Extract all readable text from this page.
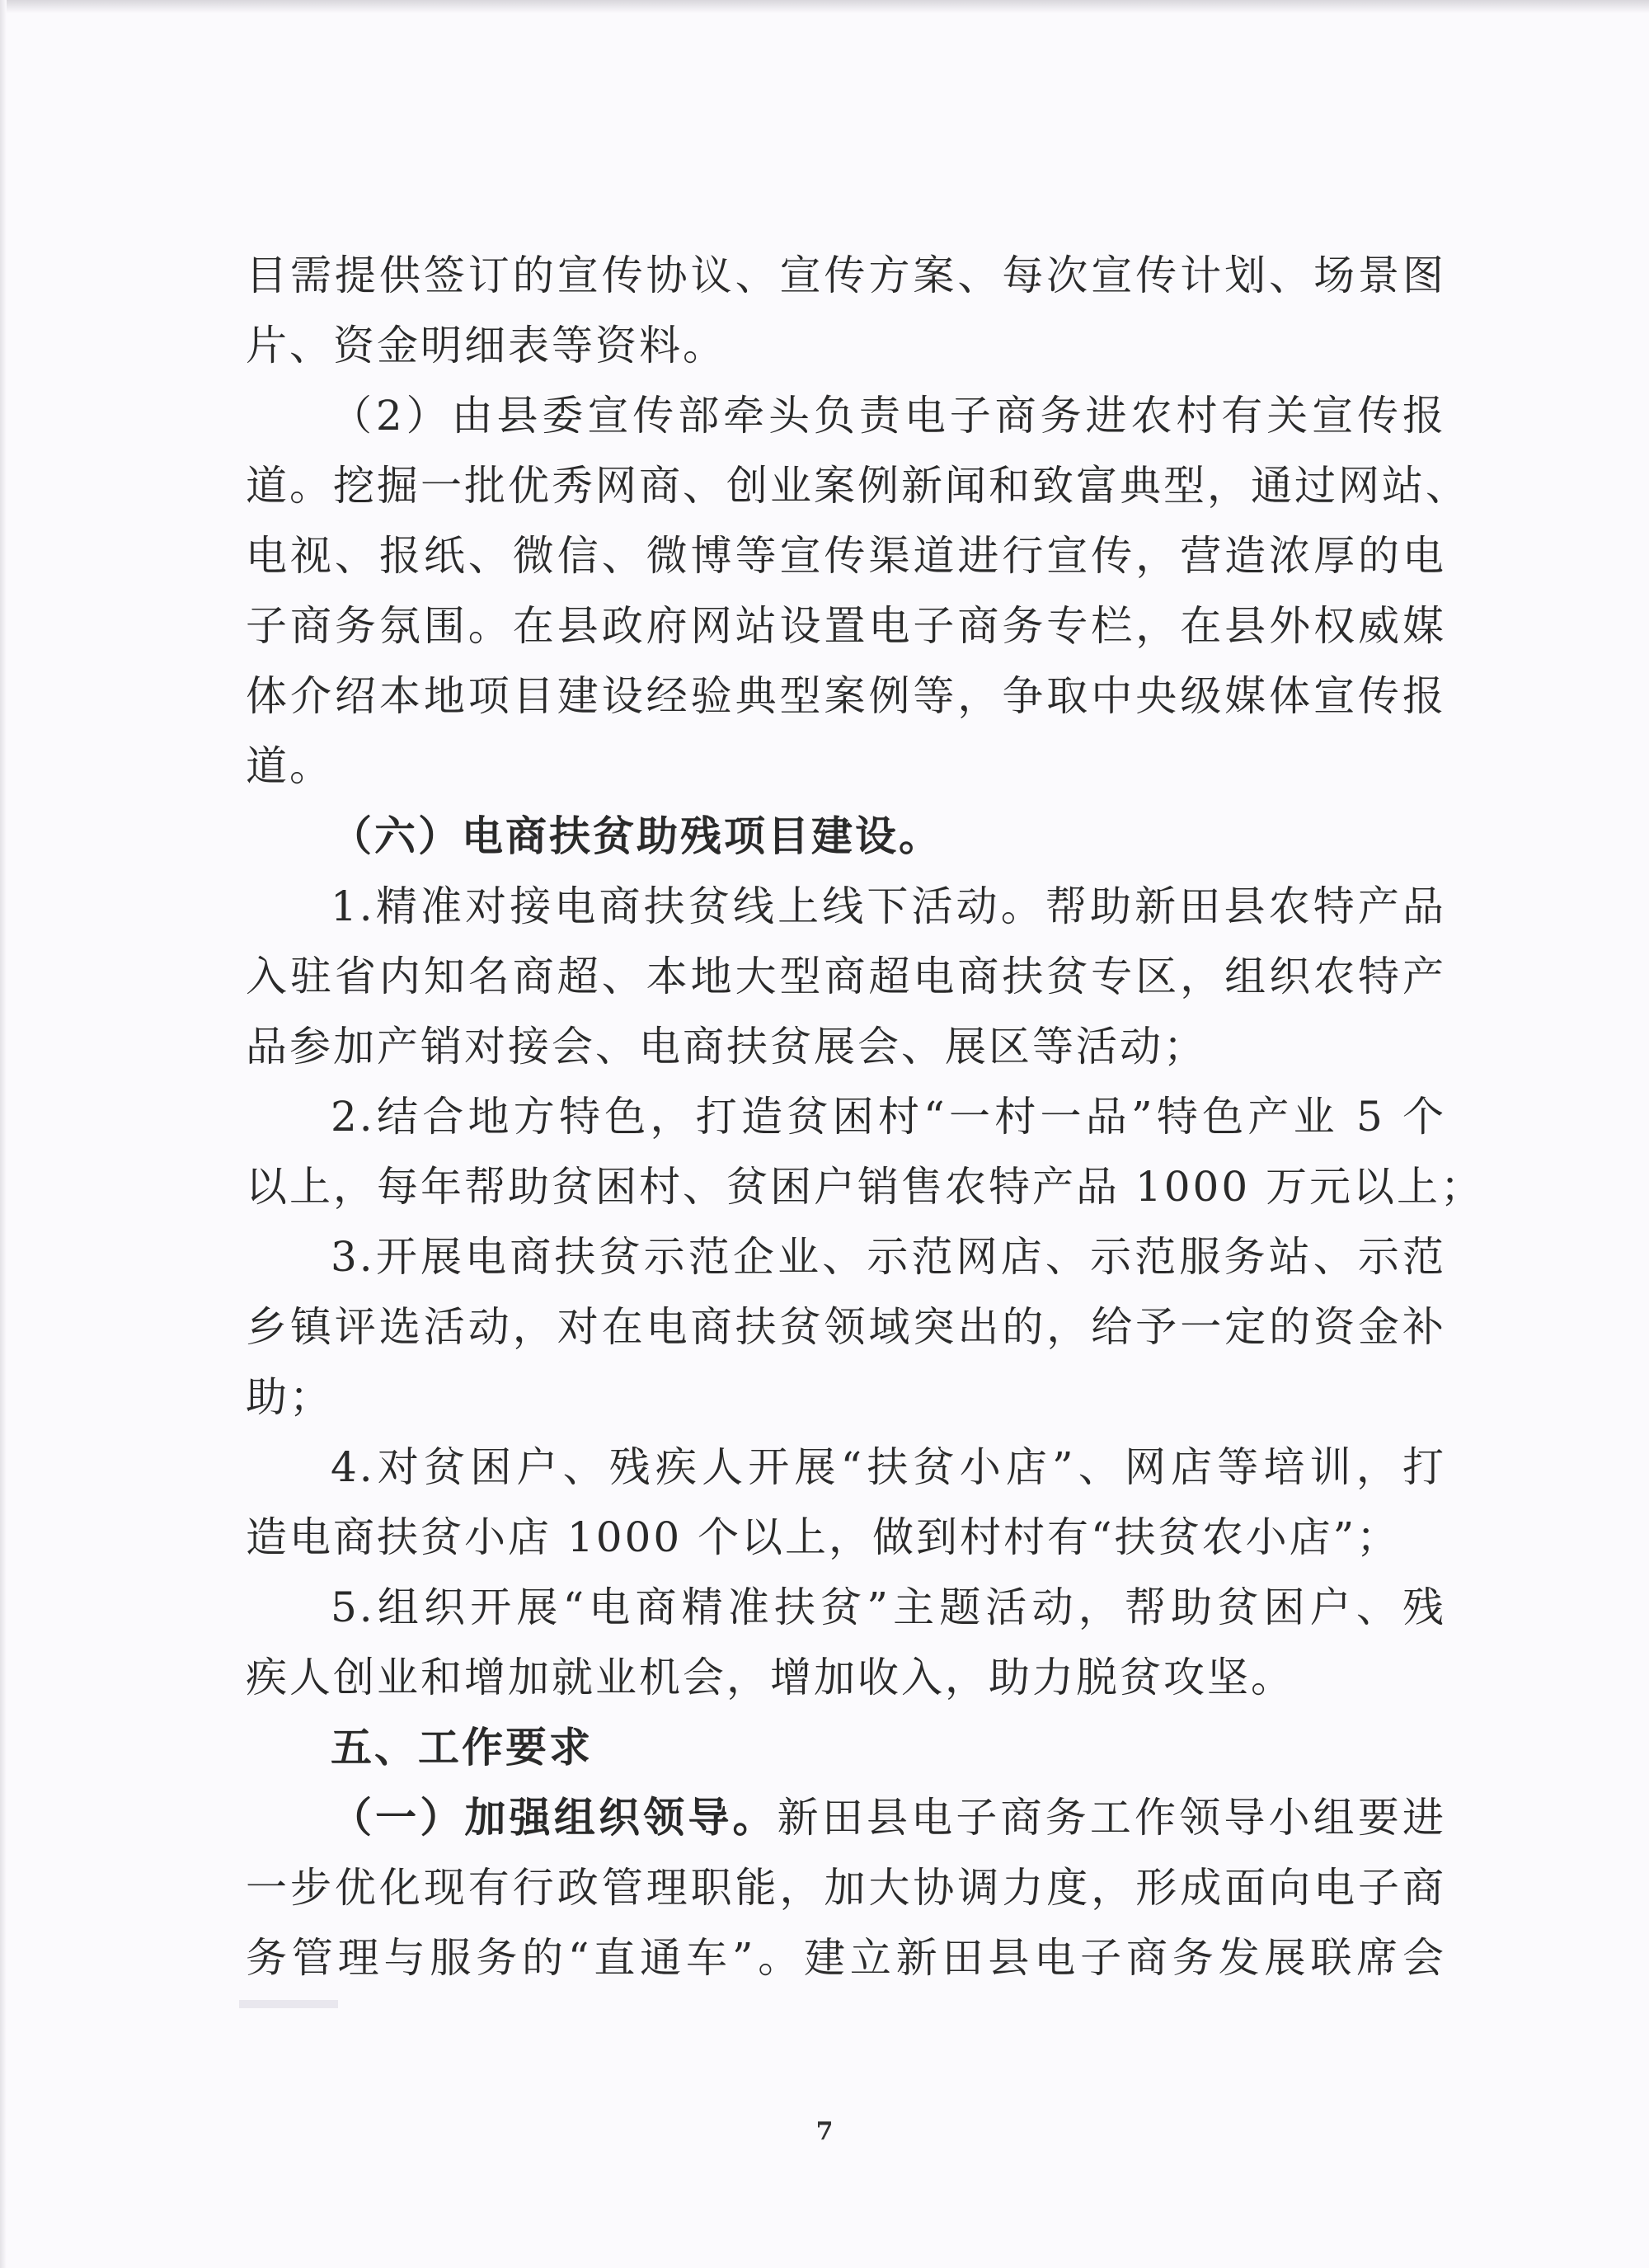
目需提供签订的宣传协议、宣传方案、每次宣传计划、场景图

片、资金明细表等资料。

（2）由县委宣传部牵头负责电子商务进农村有关宣传报

道。挖掘一批优秀网商、创业案例新闻和致富典型，通过网站、

电视、报纸、微信、微博等宣传渠道进行宣传，营造浓厚的电

子商务氛围。在县政府网站设置电子商务专栏，在县外权威媒

体介绍本地项目建设经验典型案例等，争取中央级媒体宣传报

道。

（六）电商扶贫助残项目建设。

1.精准对接电商扶贫线上线下活动。帮助新田县农特产品

入驻省内知名商超、本地大型商超电商扶贫专区，组织农特产

品参加产销对接会、电商扶贫展会、展区等活动；

2.结合地方特色，打造贫困村“一村一品”特色产业 5 个

以上，每年帮助贫困村、贫困户销售农特产品 1000 万元以上；

3.开展电商扶贫示范企业、示范网店、示范服务站、示范

乡镇评选活动，对在电商扶贫领域突出的，给予一定的资金补

助；

4.对贫困户、残疾人开展“扶贫小店”、网店等培训，打

造电商扶贫小店 1000 个以上，做到村村有“扶贫农小店”；

5.组织开展“电商精准扶贫”主题活动，帮助贫困户、残

疾人创业和增加就业机会，增加收入，助力脱贫攻坚。

五、工作要求

（一）加强组织领导。新田县电子商务工作领导小组要进

一步优化现有行政管理职能，加大协调力度，形成面向电子商

务管理与服务的“直通车”。建立新田县电子商务发展联席会

7
